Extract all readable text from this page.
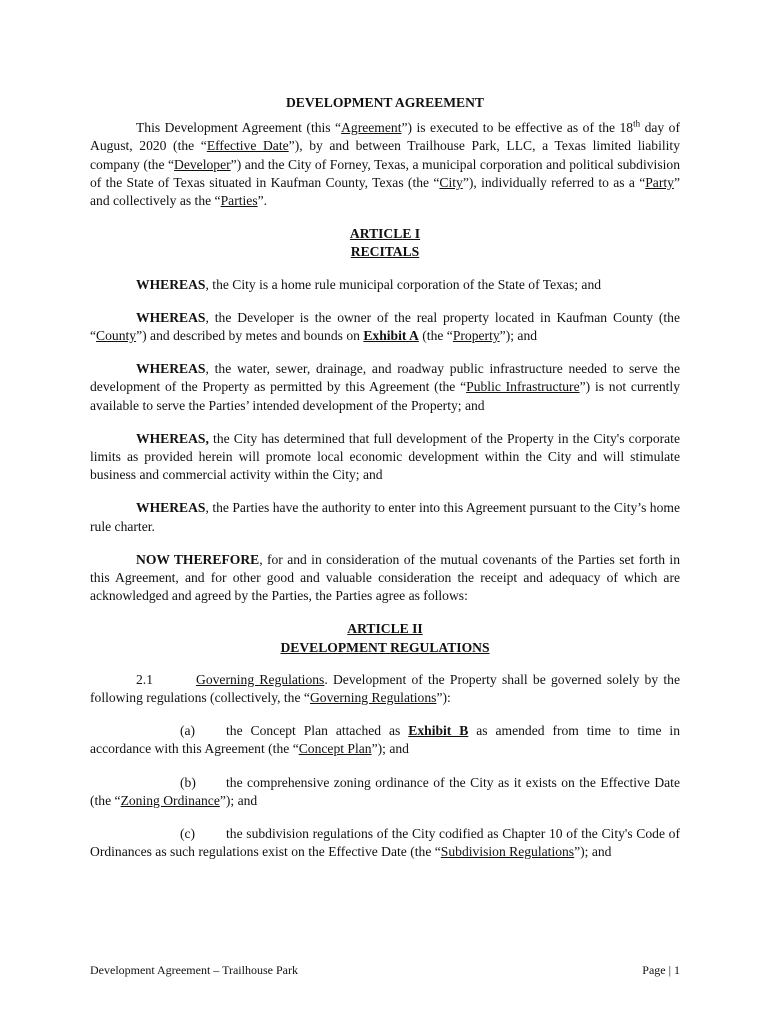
DEVELOPMENT AGREEMENT

This Development Agreement (this “Agreement”) is executed to be effective as of the 18th day of August, 2020 (the “Effective Date”), by and between Trailhouse Park, LLC, a Texas limited liability company (the “Developer”) and the City of Forney, Texas, a municipal corporation and political subdivision of the State of Texas situated in Kaufman County, Texas (the “City”), individually referred to as a “Party” and collectively as the “Parties”.

ARTICLE I
RECITALS

WHEREAS, the City is a home rule municipal corporation of the State of Texas; and

WHEREAS, the Developer is the owner of the real property located in Kaufman County (the “County”) and described by metes and bounds on Exhibit A (the “Property”); and

WHEREAS, the water, sewer, drainage, and roadway public infrastructure needed to serve the development of the Property as permitted by this Agreement (the “Public Infrastructure”) is not currently available to serve the Parties’ intended development of the Property; and

WHEREAS, the City has determined that full development of the Property in the City's corporate limits as provided herein will promote local economic development within the City and will stimulate business and commercial activity within the City; and

WHEREAS, the Parties have the authority to enter into this Agreement pursuant to the City’s home rule charter.

NOW THEREFORE, for and in consideration of the mutual covenants of the Parties set forth in this Agreement, and for other good and valuable consideration the receipt and adequacy of which are acknowledged and agreed by the Parties, the Parties agree as follows:

ARTICLE II
DEVELOPMENT REGULATIONS

2.1	Governing Regulations. Development of the Property shall be governed solely by the following regulations (collectively, the “Governing Regulations”):

(a) the Concept Plan attached as Exhibit B as amended from time to time in accordance with this Agreement (the “Concept Plan”); and

(b) the comprehensive zoning ordinance of the City as it exists on the Effective Date (the “Zoning Ordinance”); and

(c) the subdivision regulations of the City codified as Chapter 10 of the City's Code of Ordinances as such regulations exist on the Effective Date (the “Subdivision Regulations”); and

Development Agreement – Trailhouse Park	Page | 1
